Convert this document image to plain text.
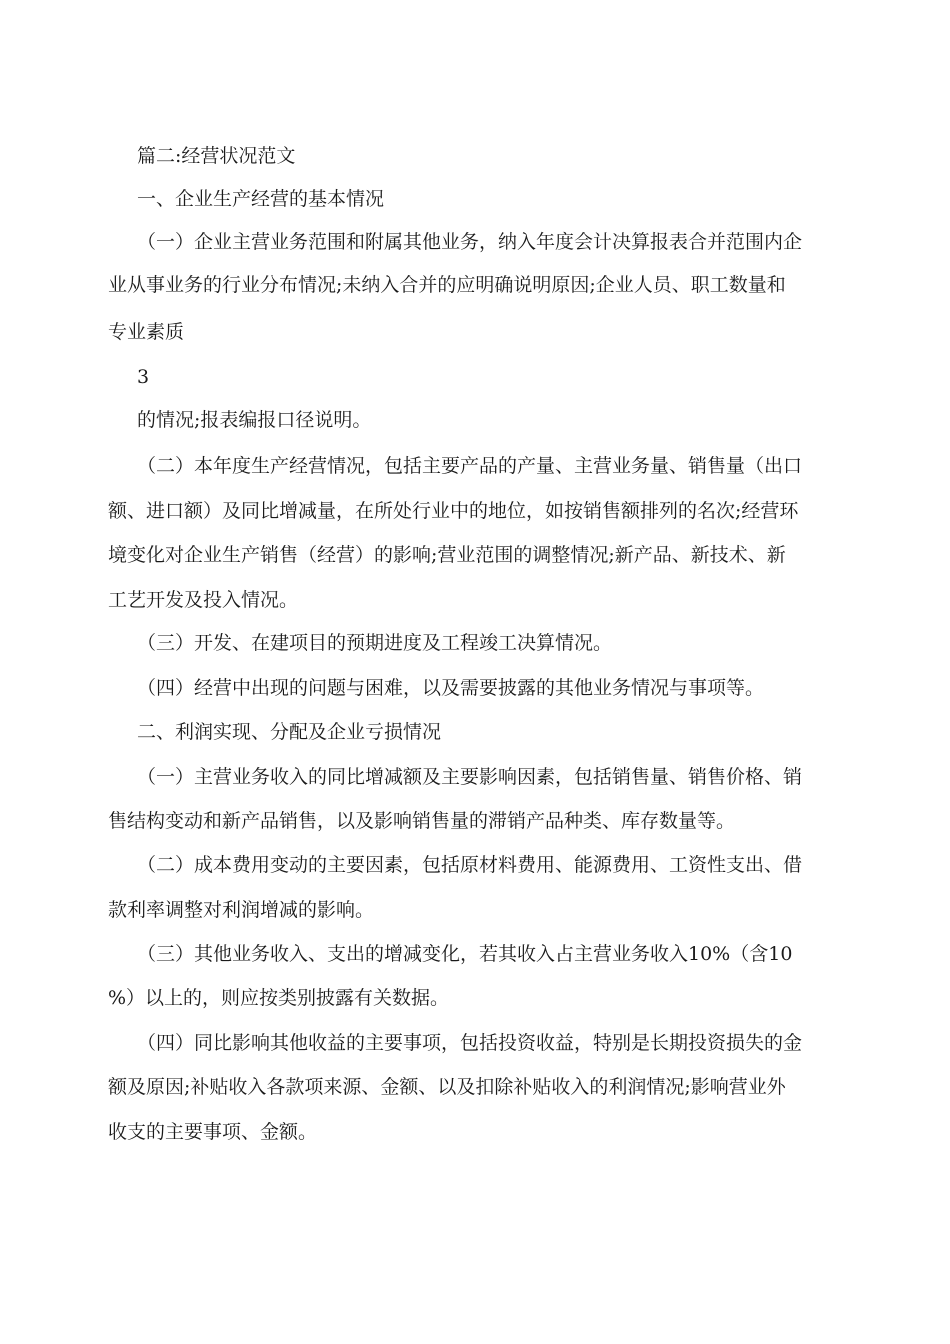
篇二:经营状况范文
一、企业生产经营的基本情况
（一）企业主营业务范围和附属其他业务，纳入年度会计决算报表合并范围内企
业从事业务的行业分布情况;未纳入合并的应明确说明原因;企业人员、职工数量和
专业素质
3
的情况;报表编报口径说明。
（二）本年度生产经营情况，包括主要产品的产量、主营业务量、销售量（出口
额、进口额）及同比增减量，在所处行业中的地位，如按销售额排列的名次;经营环
境变化对企业生产销售（经营）的影响;营业范围的调整情况;新产品、新技术、新
工艺开发及投入情况。
（三）开发、在建项目的预期进度及工程竣工决算情况。
（四）经营中出现的问题与困难，以及需要披露的其他业务情况与事项等。
二、利润实现、分配及企业亏损情况
（一）主营业务收入的同比增减额及主要影响因素，包括销售量、销售价格、销
售结构变动和新产品销售，以及影响销售量的滞销产品种类、库存数量等。
（二）成本费用变动的主要因素，包括原材料费用、能源费用、工资性支出、借
款利率调整对利润增减的影响。
（三）其他业务收入、支出的增减变化，若其收入占主营业务收入10%（含10
%）以上的，则应按类别披露有关数据。
（四）同比影响其他收益的主要事项，包括投资收益，特别是长期投资损失的金
额及原因;补贴收入各款项来源、金额、以及扣除补贴收入的利润情况;影响营业外
收支的主要事项、金额。
